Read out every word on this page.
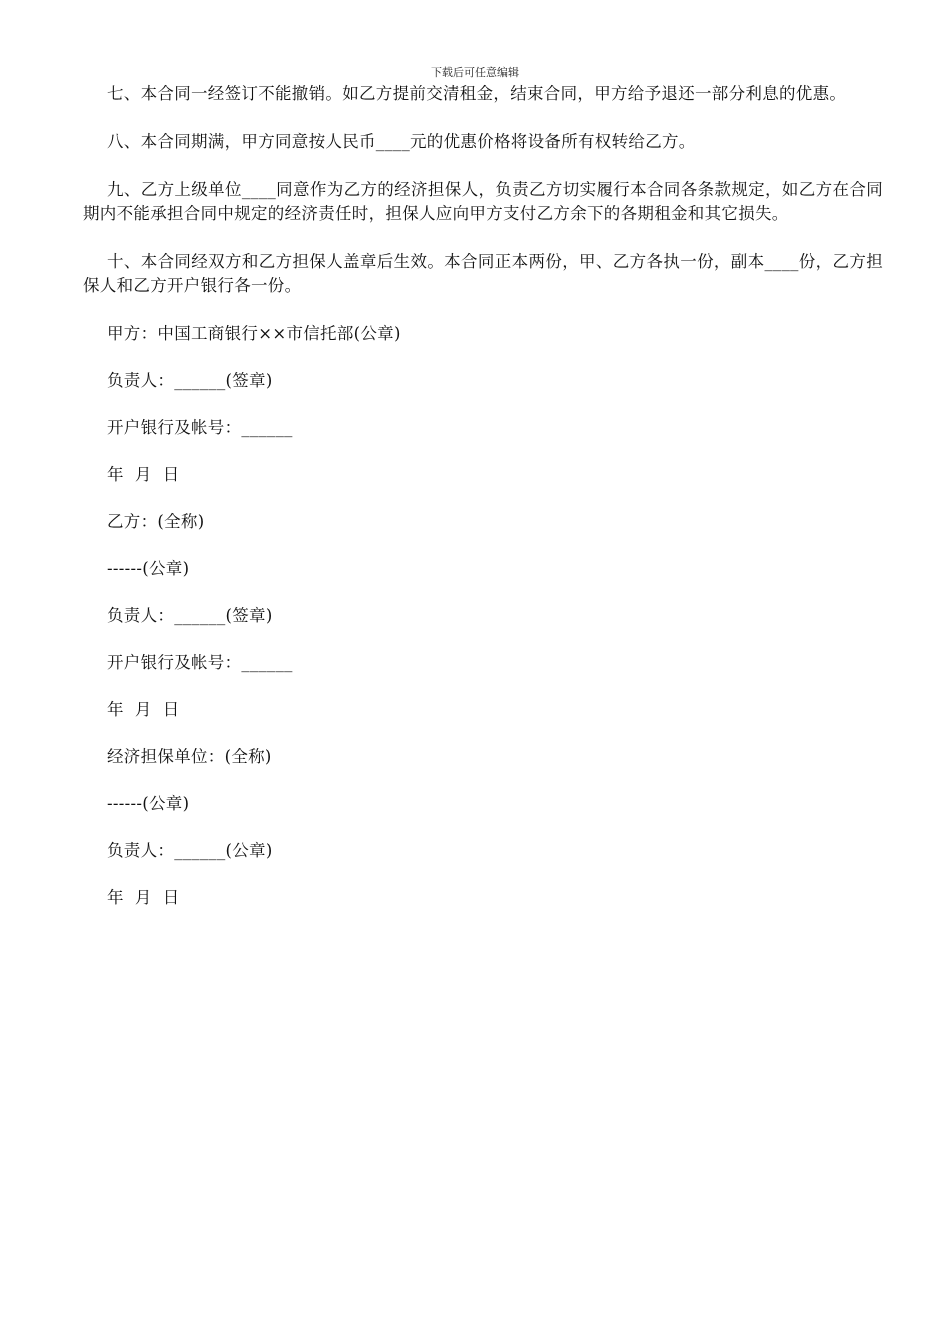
下载后可任意编辑

七、本合同一经签订不能撤销。如乙方提前交清租金，结束合同，甲方给予退还一部分利息的优惠。

八、本合同期满，甲方同意按人民币____元的优惠价格将设备所有权转给乙方。

九、乙方上级单位____同意作为乙方的经济担保人，负责乙方切实履行本合同各条款规定，如乙方在合同期内不能承担合同中规定的经济责任时，担保人应向甲方支付乙方余下的各期租金和其它损失。

十、本合同经双方和乙方担保人盖章后生效。本合同正本两份，甲、乙方各执一份，副本____份，乙方担保人和乙方开户银行各一份。

甲方：中国工商银行××市信托部(公章)

负责人：______(签章)

开户银行及帐号：______

年  月  日

乙方：(全称)

------(公章)

负责人：______(签章)

开户银行及帐号：______

年  月  日

经济担保单位：(全称)

------(公章)

负责人：______(公章)

年  月  日
